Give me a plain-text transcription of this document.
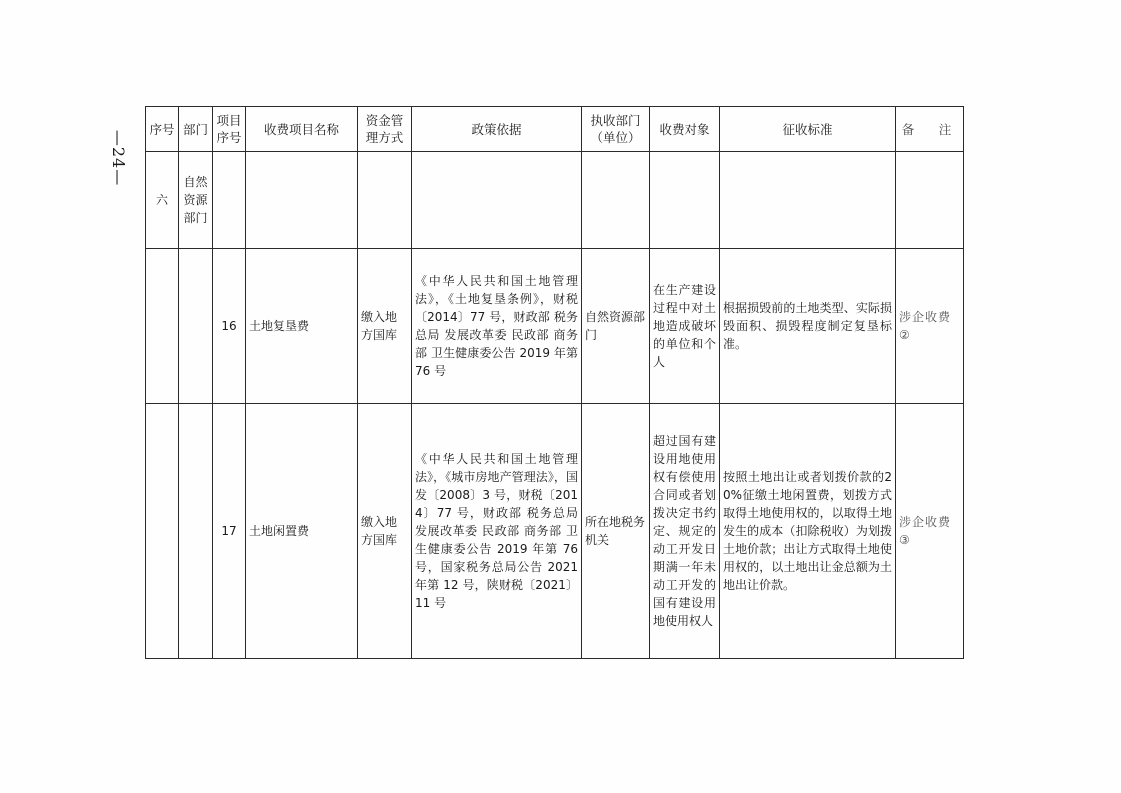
—24—
序号	部门	项目序号	收费项目名称	资金管理方式	政策依据	执收部门（单位）	收费对象	征收标准	备　注
六	自然资源部门								
		16	土地复垦费	缴入地方国库	《中华人民共和国土地管理法》，《土地复垦条例》，财税〔2014〕77 号，财政部 税务总局 发展改革委 民政部 商务部 卫生健康委公告 2019 年第 76 号	自然资源部门	在生产建设过程中对土地造成破坏的单位和个人	根据损毁前的土地类型、实际损毁面积、损毁程度制定复垦标准。	涉企收费②
		17	土地闲置费	缴入地方国库	《中华人民共和国土地管理法》，《城市房地产管理法》，国发〔2008〕3 号，财税〔2014〕77 号，财政部 税务总局 发展改革委 民政部 商务部 卫生健康委公告 2019 年第 76 号，国家税务总局公告 2021 年第 12 号，陕财税〔2021〕11 号	所在地税务机关	超过国有建设用地使用权有偿使用合同或者划拨决定书约定、规定的动工开发日期满一年未动工开发的国有建设用地使用权人	按照土地出让或者划拨价款的20%征缴土地闲置费，划拨方式取得土地使用权的，以取得土地发生的成本（扣除税收）为划拨土地价款；出让方式取得土地使用权的，以土地出让金总额为土地出让价款。	涉企收费③
